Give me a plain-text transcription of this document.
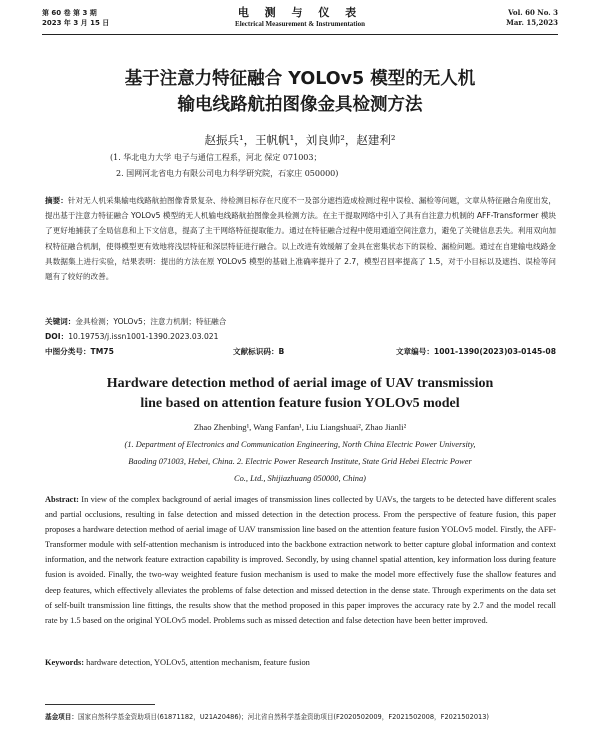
第 60 卷 第 3 期
2023 年 3 月 15 日
电 测 与 仪 表
Electrical Measurement & Instrumentation
Vol. 60 No. 3
Mar. 15,2023
基于注意力特征融合 YOLOv5 模型的无人机
输电线路航拍图像金具检测方法
赵振兵¹，王帆帆¹，刘良帅²，赵建利²
(1. 华北电力大学 电子与通信工程系，河北 保定 071003；
2. 国网河北省电力有限公司电力科学研究院，石家庄 050000)
摘要：针对无人机采集输电线路航拍图像背景复杂、待检测目标存在尺度不一及部分遮挡造成检测过程中误检、漏检等问题，文章从特征融合角度出发，提出基于注意力特征融合 YOLOv5 模型的无人机输电线路航拍图像金具检测方法。在主干提取网络中引入了具有自注意力机制的 AFF-Transformer 模块了更好地捕获了全局信息和上下文信息，提高了主干网络特征提取能力。通过在特征融合过程中使用通道空间注意力，避免了关键信息丢失。利用双向加权特征融合机制，使得模型更有效地将浅层特征和深层特征进行融合。以上改进有效缓解了金具在密集状态下的误检、漏检问题。通过在自建输电线路金具数据集上进行实验，结果表明：提出的方法在原 YOLOv5 模型的基础上准确率提升了 2.7，模型召回率提高了 1.5，对于小目标以及遮挡、误检等问题有了较好的改善。
关键词：金具检测；YOLOv5；注意力机制；特征融合
DOI：10.19753/j.issn1001-1390.2023.03.021
中图分类号：TM75	文献标识码：B	文章编号：1001-1390(2023)03-0145-08
Hardware detection method of aerial image of UAV transmission
line based on attention feature fusion YOLOv5 model
Zhao Zhenbing¹, Wang Fanfan¹, Liu Liangshuai², Zhao Jianli²
(1. Department of Electronics and Communication Engineering, North China Electric Power University,
Baoding 071003, Hebei, China. 2. Electric Power Research Institute, State Grid Hebei Electric Power
Co., Ltd., Shijiazhuang 050000, China)
Abstract: In view of the complex background of aerial images of transmission lines collected by UAVs, the targets to be detected have different scales and partial occlusions, resulting in false detection and missed detection in the detection process. From the perspective of feature fusion, this paper proposes a hardware detection method of aerial image of UAV transmission line based on the attention feature fusion YOLOv5 model. Firstly, the AFF-Transformer module with self-attention mechanism is introduced into the backbone extraction network to better capture global information and context information, and the network feature extraction capability is improved. Secondly, by using channel spatial attention, key information loss during feature fusion is avoided. Finally, the two-way weighted feature fusion mechanism is used to make the model more effectively fuse the shallow features and deep features, which effectively alleviates the problems of false detection and missed detection in the dense state. Through experiments on the data set of self-built transmission line fittings, the results show that the method proposed in this paper improves the accuracy rate by 2.7 and the model recall rate by 1.5 based on the original YOLOv5 model. Problems such as missed detection and false detection have been better improved.
Keywords: hardware detection, YOLOv5, attention mechanism, feature fusion
基金项目：国家自然科学基金资助项目(61871182，U21A20486)；河北省自然科学基金资助项目(F2020502009，F2021502008，F2021502013)
